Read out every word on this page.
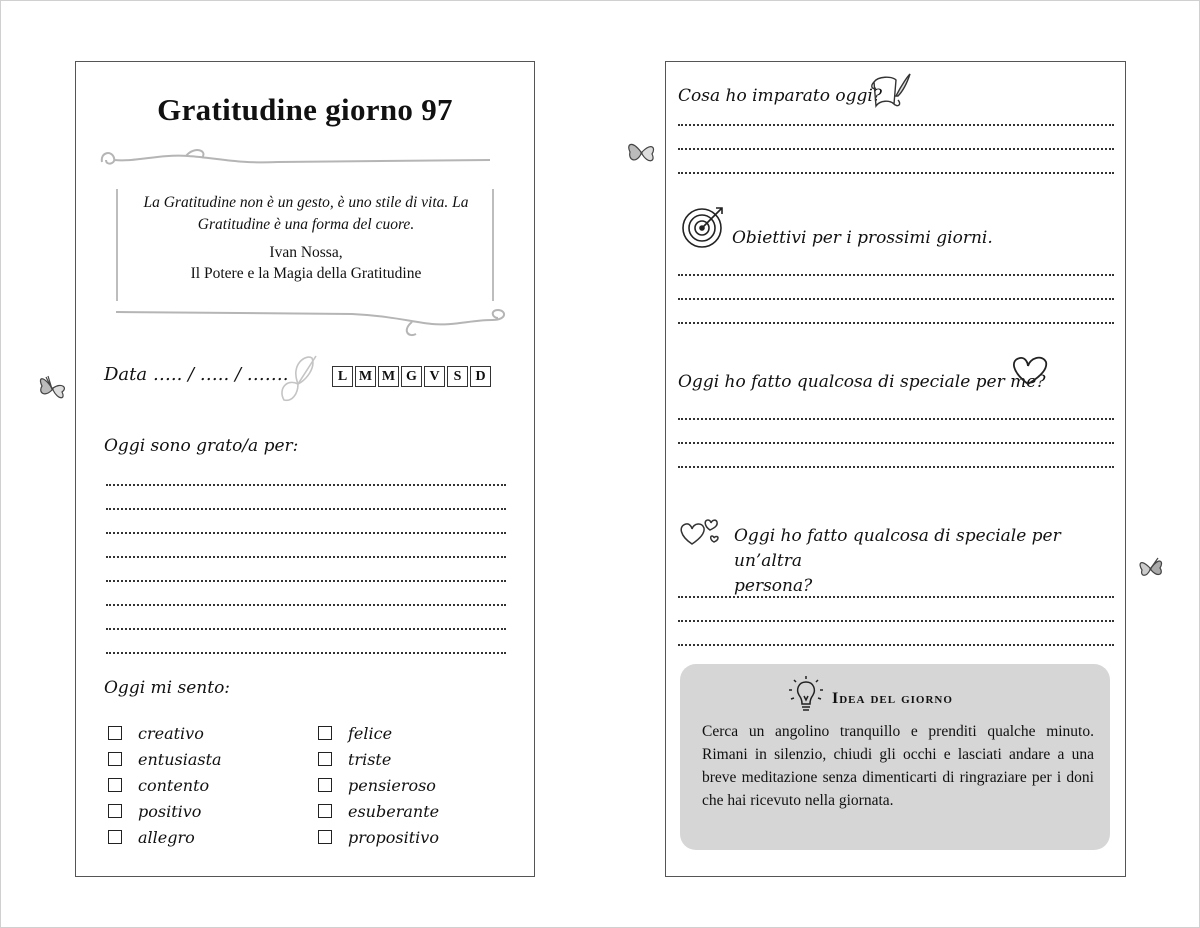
Gratitudine giorno 97
La Gratitudine non è un gesto, è uno stile di vita. La Gratitudine è una forma del cuore.
Ivan Nossa,
Il Potere e la Magia della Gratitudine
Data ….. / ….. / …….	L M M G V	S	D
Oggi sono grato/a per:
Oggi mi sento:
creativo
entusiasta
contento
positivo
allegro
felice
triste
pensieroso
esuberante
propositivo
Cosa ho imparato oggi?
Obiettivi per i prossimi giorni.
Oggi ho fatto qualcosa di speciale per me?
Oggi ho fatto qualcosa di speciale per un’altra
persona?
Idea del giorno
Cerca un angolino tranquillo e prenditi qualche minuto. Rimani in silenzio, chiudi gli occhi e lasciati andare a una breve meditazione senza dimenticarti di ringraziare per i doni che hai ricevuto nella giornata.
